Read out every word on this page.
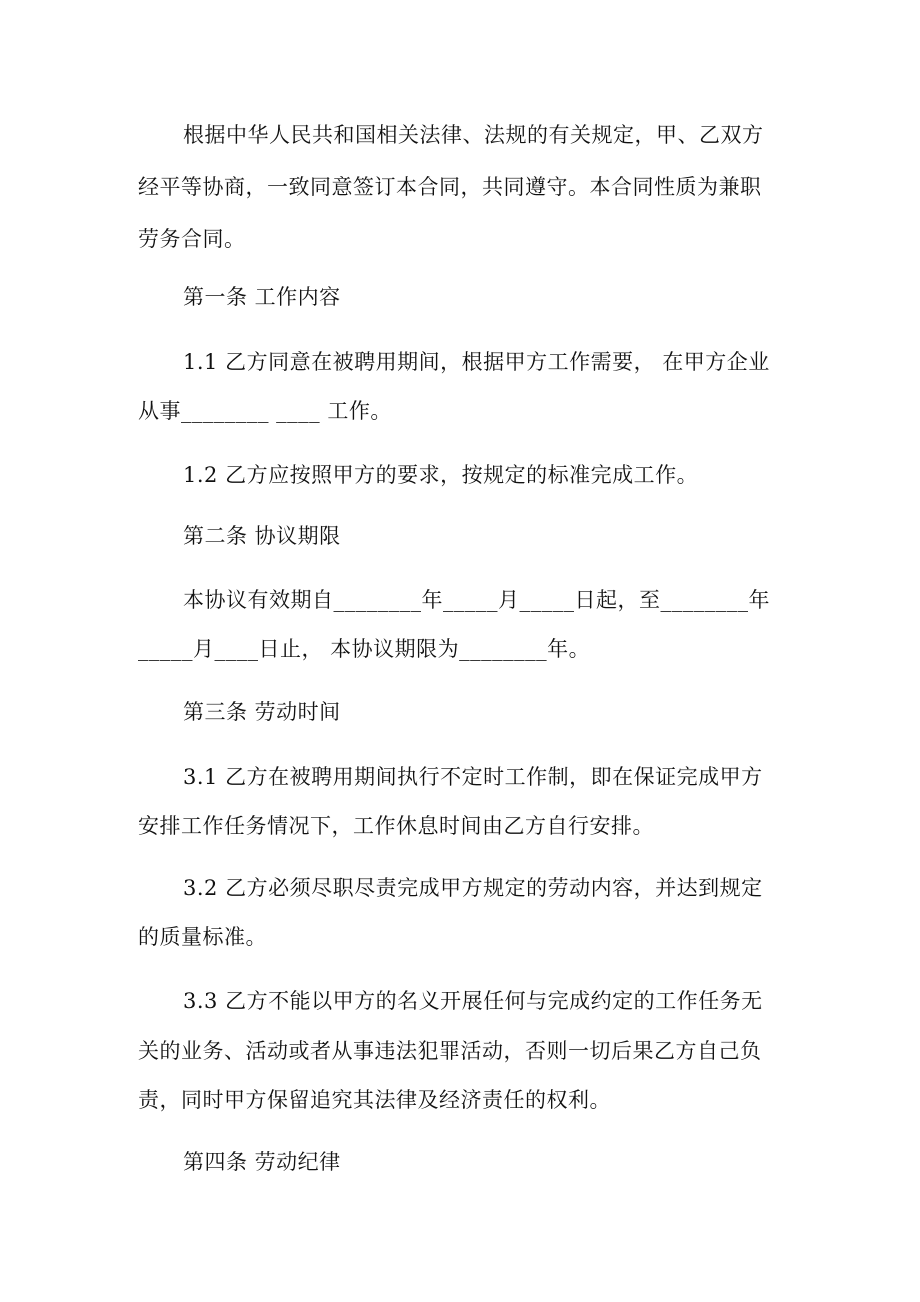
根据中华人民共和国相关法律、法规的有关规定，甲、乙双方
经平等协商，一致同意签订本合同，共同遵守。本合同性质为兼职
劳务合同。
第一条 工作内容
1.1 乙方同意在被聘用期间，根据甲方工作需要， 在甲方企业
从事________ ____ 工作。
1.2 乙方应按照甲方的要求，按规定的标准完成工作。
第二条 协议期限
本协议有效期自________年_____月_____日起，至________年
_____月____日止， 本协议期限为________年。
第三条 劳动时间
3.1 乙方在被聘用期间执行不定时工作制，即在保证完成甲方
安排工作任务情况下，工作休息时间由乙方自行安排。
3.2 乙方必须尽职尽责完成甲方规定的劳动内容，并达到规定
的质量标准。
3.3 乙方不能以甲方的名义开展任何与完成约定的工作任务无
关的业务、活动或者从事违法犯罪活动，否则一切后果乙方自己负
责，同时甲方保留追究其法律及经济责任的权利。
第四条 劳动纪律
